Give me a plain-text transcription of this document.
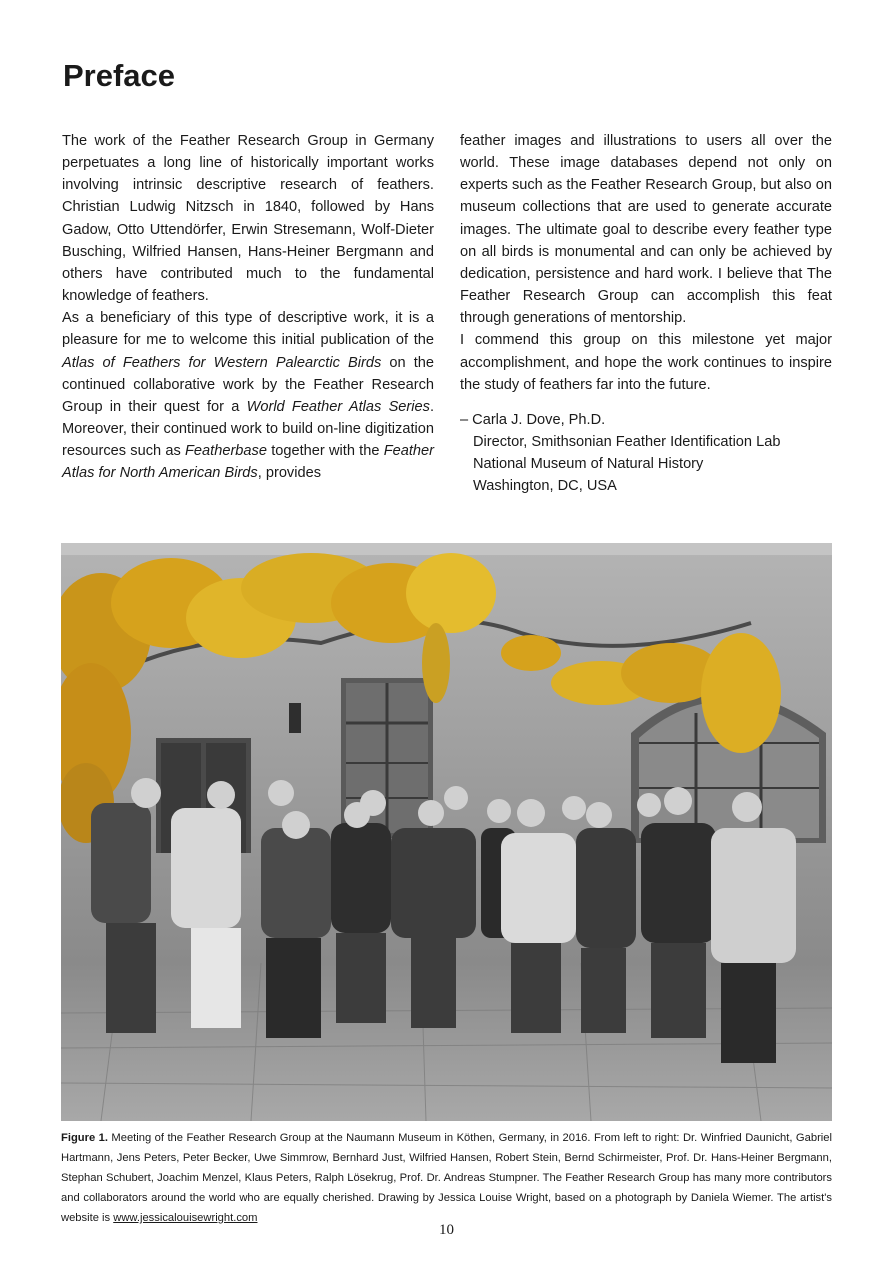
Preface

The work of the Feather Research Group in Germany perpetuates a long line of historically important works involving intrinsic descriptive research of feathers. Christian Ludwig Nitzsch in 1840, followed by Hans Gadow, Otto Uttendörfer, Erwin Stresemann, Wolf-Dieter Busching, Wilfried Hansen, Hans-Heiner Bergmann and others have contributed much to the fundamental knowledge of feathers.

As a beneficiary of this type of descriptive work, it is a pleasure for me to welcome this initial publication of the Atlas of Feathers for Western Palearctic Birds on the continued collaborative work by the Feather Research Group in their quest for a World Feather Atlas Series. Moreover, their continued work to build on-line digitization resources such as Featherbase together with the Feather Atlas for North American Birds, provides

feather images and illustrations to users all over the world. These image databases depend not only on experts such as the Feather Research Group, but also on museum collections that are used to generate accurate images. The ultimate goal to describe every feather type on all birds is monumental and can only be achieved by dedication, persistence and hard work. I believe that The Feather Research Group can accomplish this feat through generations of mentorship.

I commend this group on this milestone yet major accomplishment, and hope the work continues to inspire the study of feathers far into the future.

– Carla J. Dove, Ph.D.

Director, Smithsonian Feather Identification Lab

National Museum of Natural History

Washington, DC, USA

Figure 1. Meeting of the Feather Research Group at the Naumann Museum in Köthen, Germany, in 2016. From left to right: Dr. Winfried Daunicht, Gabriel Hartmann, Jens Peters, Peter Becker, Uwe Simmrow, Bernhard Just, Wilfried Hansen, Robert Stein, Bernd Schirmeister, Prof. Dr. Hans-Heiner Bergmann, Stephan Schubert, Joachim Menzel, Klaus Peters, Ralph Lösekrug, Prof. Dr. Andreas Stumpner. The Feather Research Group has many more contributors and collaborators around the world who are equally cherished. Drawing by Jessica Louise Wright, based on a photograph by Daniela Wiemer. The artist's website is www.jessicalouisewright.com
10
